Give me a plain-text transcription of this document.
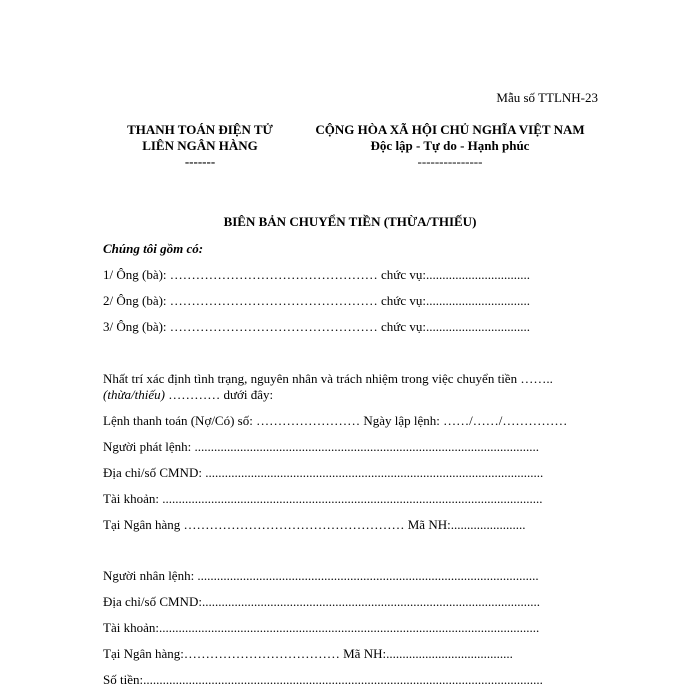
Mẫu số TTLNH-23
THANH TOÁN ĐIỆN TỬ
LIÊN NGÂN HÀNG
-------
CỘNG HÒA XÃ HỘI CHỦ NGHĨA VIỆT NAM
Độc lập - Tự do - Hạnh phúc
---------------
BIÊN BẢN CHUYỂN TIỀN (THỪA/THIẾU)
Chúng tôi gồm có:
1/ Ông (bà): ………………………………………… chức vụ:................................
2/ Ông (bà): ………………………………………… chức vụ:................................
3/ Ông (bà): ………………………………………… chức vụ:................................
Nhất trí xác định tình trạng, nguyên nhân và trách nhiệm trong việc chuyển tiền ……..
(thừa/thiếu) ………… dưới đây:
Lệnh thanh toán (Nợ/Có) số: …………………… Ngày lập lệnh: ……/……/……………
Người phát lệnh: ..........................................................................................................
Địa chỉ/số CMND: ........................................................................................................
Tài khoản: .....................................................................................................................
Tại Ngân hàng …………………………………………… Mã NH:.......................
Người nhân lệnh: .........................................................................................................
Địa chỉ/số CMND:........................................................................................................
Tài khoản:.....................................................................................................................
Tại Ngân hàng:……………………………… Mã NH:.......................................
Số tiền:...........................................................................................................................
